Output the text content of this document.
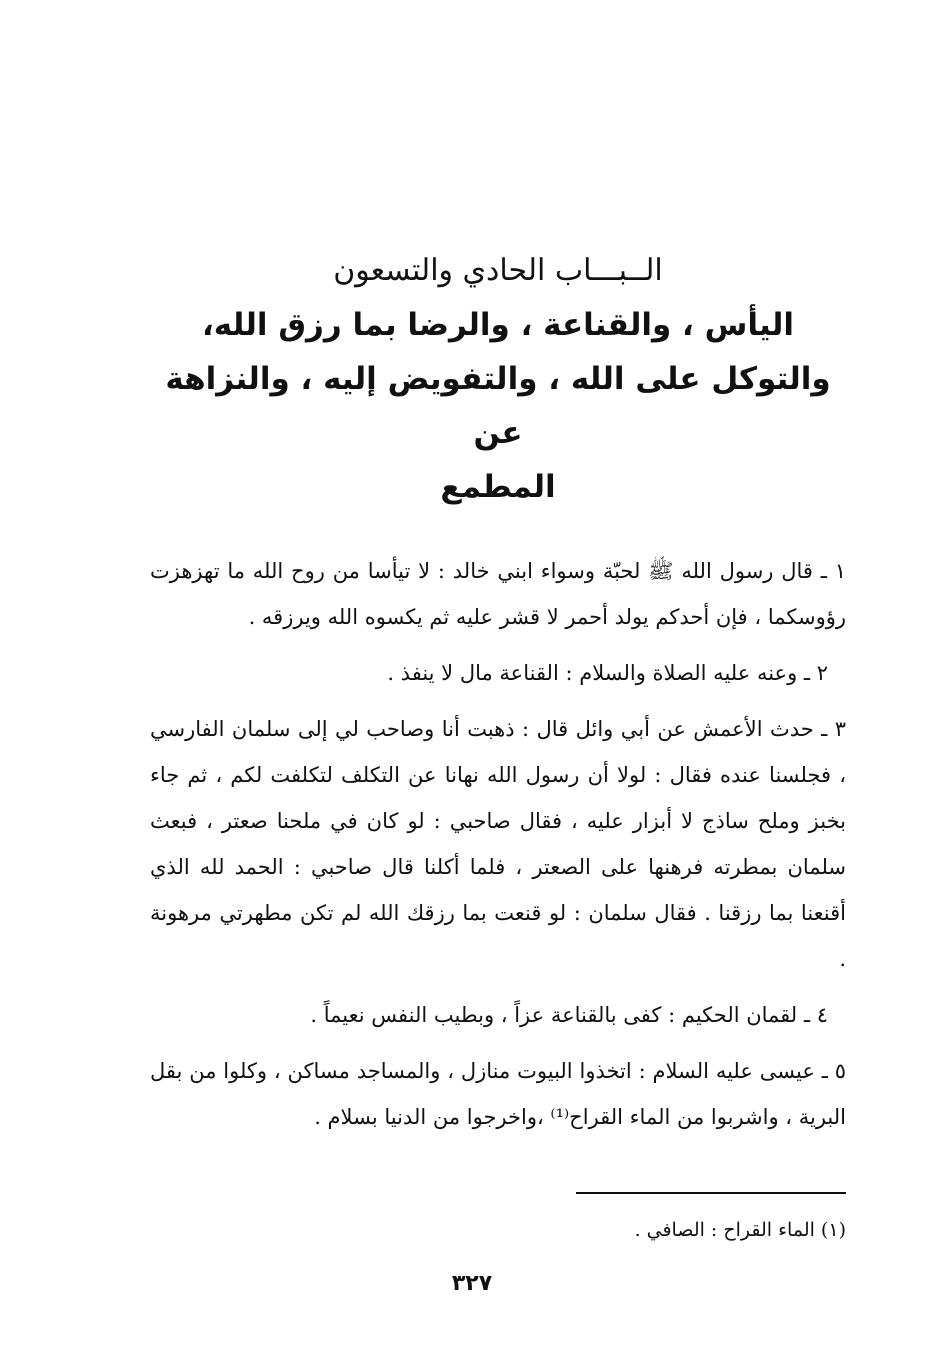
الــبـــاب الحادي والتسعون
اليأس ، والقناعة ، والرضا بما رزق الله،
والتوكل على الله ، والتفويض إليه ، والنزاهة عن
المطمع

١ ـ قال رسول الله ﷺ لحبّة وسواء ابني خالد : لا تيأسا من روح الله ما تهزهزت رؤوسكما ، فإن أحدكم يولد أحمر لا قشر عليه ثم يكسوه الله ويرزقه .

٢ ـ وعنه عليه الصلاة والسلام : القناعة مال لا ينفذ .

٣ ـ حدث الأعمش عن أبي وائل قال : ذهبت أنا وصاحب لي إلى سلمان الفارسي ، فجلسنا عنده فقال : لولا أن رسول الله نهانا عن التكلف لتكلفت لكم ، ثم جاء بخبز وملح ساذج لا أبزار عليه ، فقال صاحبي : لو كان في ملحنا صعتر ، فبعث سلمان بمطرته فرهنها على الصعتر ، فلما أكلنا قال صاحبي : الحمد لله الذي أقنعنا بما رزقنا . فقال سلمان : لو قنعت بما رزقك الله لم تكن مطهرتي مرهونة .

٤ ـ لقمان الحكيم : كفى بالقناعة عزاً ، وبطيب النفس نعيماً .

٥ ـ عيسى عليه السلام : اتخذوا البيوت منازل ، والمساجد مساكن ، وكلوا من بقل البرية ، واشربوا من الماء القراح⁽¹⁾ ،واخرجوا من الدنيا بسلام .

(١) الماء القراح : الصافي .
٣٢٧
